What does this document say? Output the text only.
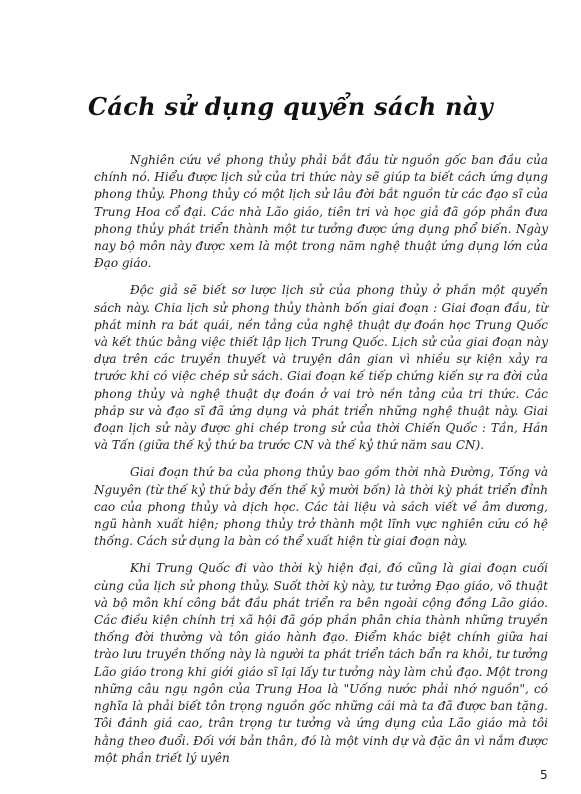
Cách sử dụng quyển sách này

Nghiên cứu về phong thủy phải bắt đầu từ nguồn gốc ban đầu của chính nó. Hiểu được lịch sử của tri thức này sẽ giúp ta biết cách ứng dụng phong thủy. Phong thủy có một lịch sử lâu đời bắt nguồn từ các đạo sĩ của Trung Hoa cổ đại. Các nhà Lão giáo, tiên tri và học giả đã góp phần đưa phong thủy phát triển thành một tư tưởng được ứng dụng phổ biến. Ngày nay bộ môn này được xem là một trong năm nghệ thuật ứng dụng lớn của Đạo giáo.

Độc giả sẽ biết sơ lược lịch sử của phong thủy ở phần một quyển sách này. Chia lịch sử phong thủy thành bốn giai đoạn : Giai đoạn đầu, từ phát minh ra bát quái, nền tảng của nghệ thuật dự đoán học Trung Quốc và kết thúc bằng việc thiết lập lịch Trung Quốc. Lịch sử của giai đoạn này dựa trên các truyền thuyết và truyện dân gian vì nhiều sự kiện xảy ra trước khi có việc chép sử sách. Giai đoạn kế tiếp chứng kiến sự ra đời của phong thủy và nghệ thuật dự đoán ở vai trò nền tảng của tri thức. Các pháp sư và đạo sĩ đã ứng dụng và phát triển những nghệ thuật này. Giai đoạn lịch sử này được ghi chép trong sử của thời Chiến Quốc : Tần, Hán và Tấn (giữa thế kỷ thứ ba trước CN và thế kỷ thứ năm sau CN).

Giai đoạn thứ ba của phong thủy bao gồm thời nhà Đường, Tống và Nguyên (từ thế kỷ thứ bảy đến thế kỷ mười bốn) là thời kỳ phát triển đỉnh cao của phong thủy và dịch học. Các tài liệu và sách viết về âm dương, ngũ hành xuất hiện; phong thủy trở thành một lĩnh vực nghiên cứu có hệ thống. Cách sử dụng la bàn có thể xuất hiện từ giai đoạn này.

Khi Trung Quốc đi vào thời kỳ hiện đại, đó cũng là giai đoạn cuối cùng của lịch sử phong thủy. Suốt thời kỳ này, tư tưởng Đạo giáo, võ thuật và bộ môn khí công bắt đầu phát triển ra bên ngoài cộng đồng Lão giáo. Các điều kiện chính trị xã hội đã góp phần phân chia thành những truyền thống đời thường và tôn giáo hành đạo. Điểm khác biệt chính giữa hai trào lưu truyền thống này là người ta phát triển tách bẩn ra khỏi, tư tưởng Lão giáo trong khi giới giáo sĩ lại lấy tư tưởng này làm chủ đạo. Một trong những câu ngụ ngôn của Trung Hoa là "Uống nước phải nhớ nguồn", có nghĩa là phải biết tôn trọng nguồn gốc những cái mà ta đã được ban tặng. Tôi đánh giá cao, trân trọng tư tưởng và ứng dụng của Lão giáo mà tôi hằng theo đuổi. Đối với bản thân, đó là một vinh dự và đặc ân vì nắm được một phần triết lý uyên

5
